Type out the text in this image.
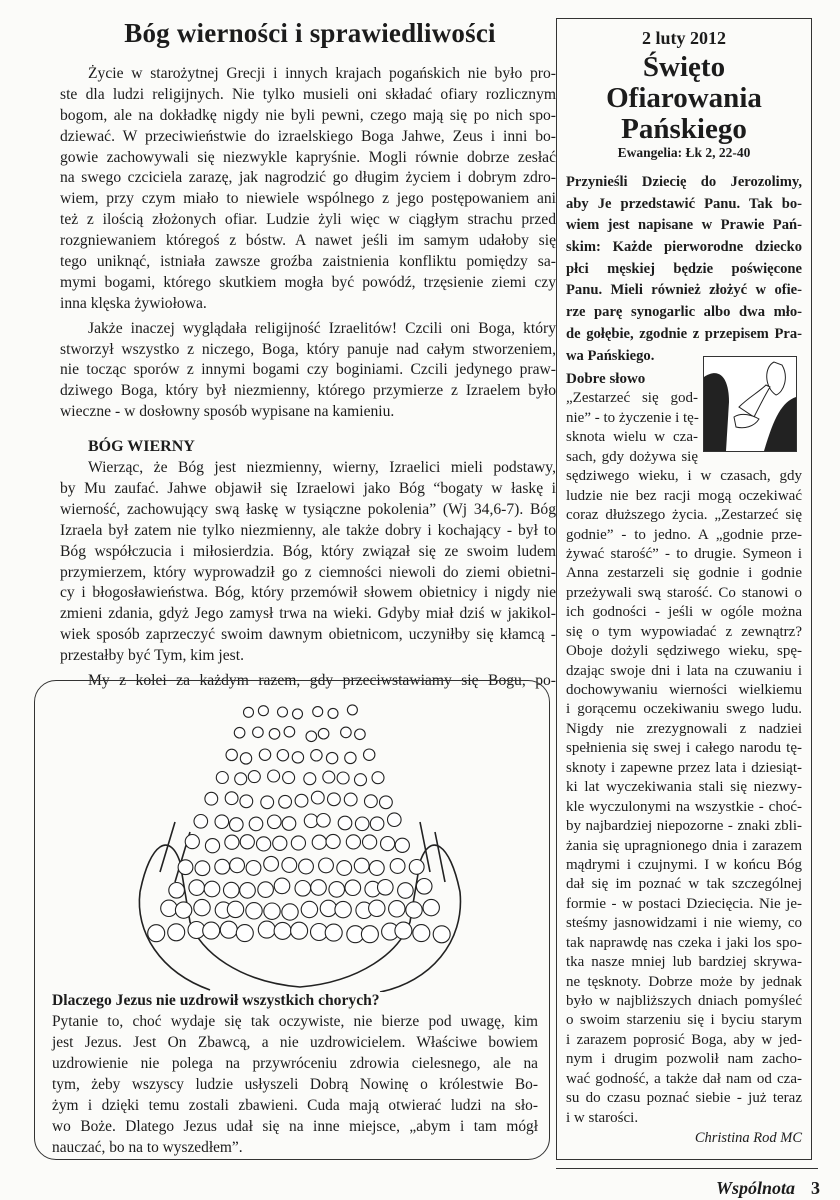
Bóg wierności i sprawiedliwości
Życie w starożytnej Grecji i innych krajach pogańskich nie było pro-
ste dla ludzi religijnych. Nie tylko musieli oni składać ofiary rozlicznym
bogom, ale na dokładkę nigdy nie byli pewni, czego mają się po nich spo-
dziewać. W przeciwieństwie do izraelskiego Boga Jahwe, Zeus i inni bo-
gowie zachowywali się niezwykle kapryśnie. Mogli równie dobrze zesłać
na swego czciciela zarazę, jak nagrodzić go długim życiem i dobrym zdro-
wiem, przy czym miało to niewiele wspólnego z jego postępowaniem ani
też z ilością złożonych ofiar. Ludzie żyli więc w ciągłym strachu przed
rozgniewaniem któregoś z bóstw. A nawet jeśli im samym udałoby się
tego uniknąć, istniała zawsze groźba zaistnienia konfliktu pomiędzy sa-
mymi bogami, którego skutkiem mogła być powódź, trzęsienie ziemi czy
inna klęska żywiołowa.
Jakże inaczej wyglądała religijność Izraelitów! Czcili oni Boga, który
stworzył wszystko z niczego, Boga, który panuje nad całym stworzeniem,
nie tocząc sporów z innymi bogami czy boginiami. Czcili jedynego praw-
dziwego Boga, który był niezmienny, którego przymierze z Izraelem było
wieczne - w dosłowny sposób wypisane na kamieniu.
BÓG WIERNY
Wierząc, że Bóg jest niezmienny, wierny, Izraelici mieli podstawy,
by Mu zaufać. Jahwe objawił się Izraelowi jako Bóg “bogaty w łaskę i
wierność, zachowujący swą łaskę w tysiączne pokolenia” (Wj 34,6-7). Bóg
Izraela był zatem nie tylko niezmienny, ale także dobry i kochający - był to
Bóg współczucia i miłosierdzia. Bóg, który związał się ze swoim ludem
przymierzem, który wyprowadził go z ciemności niewoli do ziemi obietni-
cy i błogosławieństwa. Bóg, który przemówił słowem obietnicy i nigdy nie
zmieni zdania, gdyż Jego zamysł trwa na wieki. Gdyby miał dziś w jakikol-
wiek sposób zaprzeczyć swoim dawnym obietnicom, uczyniłby się kłamcą -
przestałby być Tym, kim jest.
My z kolei za każdym razem, gdy przeciwstawiamy się Bogu, po-
Dlaczego Jezus nie uzdrowił wszystkich chorych?
Pytanie to, choć wydaje się tak oczywiste, nie bierze pod uwagę, kim
jest Jezus. Jest On Zbawcą, a nie uzdrowicielem. Właściwe bowiem
uzdrowienie nie polega na przywróceniu zdrowia cielesnego, ale na
tym, żeby wszyscy ludzie usłyszeli Dobrą Nowinę o królestwie Bo-
żym i dzięki temu zostali zbawieni. Cuda mają otwierać ludzi na sło-
wo Boże. Dlatego Jezus udał się na inne miejsce, „abym i tam mógł
nauczać, bo na to wyszedłem”.
2 luty 2012
Święto
Ofiarowania
Pańskiego
Ewangelia: Łk 2, 22-40
Przynieśli Dziecię do Jerozolimy,
aby Je przedstawić Panu. Tak bo-
wiem jest napisane w Prawie Pań-
skim: Każde pierworodne dziecko
płci męskiej będzie poświęcone
Panu. Mieli również złożyć w ofie-
rze parę synogarlic albo dwa mło-
de gołębie, zgodnie z przepisem Pra-
wa Pańskiego.
Dobre słowo
„Zestarzeć się god-
nie” - to życzenie i tę-
sknota wielu w cza-
sach, gdy dożywa się
sędziwego wieku, i w czasach, gdy
ludzie nie bez racji mogą oczekiwać
coraz dłuższego życia. „Zestarzeć się
godnie” - to jedno. A „godnie prze-
żywać starość” - to drugie. Symeon i
Anna zestarzeli się godnie i godnie
przeżywali swą starość. Co stanowi o
ich godności - jeśli w ogóle można
się o tym wypowiadać z zewnątrz?
Oboje dożyli sędziwego wieku, spę-
dzając swoje dni i lata na czuwaniu i
dochowywaniu wierności wielkiemu
i gorącemu oczekiwaniu swego ludu.
Nigdy nie zrezygnowali z nadziei
spełnienia się swej i całego narodu tę-
sknoty i zapewne przez lata i dziesiąt-
ki lat wyczekiwania stali się niezwy-
kle wyczulonymi na wszystkie - choć-
by najbardziej niepozorne - znaki zbli-
żania się upragnionego dnia i zarazem
mądrymi i czujnymi. I w końcu Bóg
dał się im poznać w tak szczególnej
formie - w postaci Dziecięcia. Nie je-
steśmy jasnowidzami i nie wiemy, co
tak naprawdę nas czeka i jaki los spo-
tka nasze mniej lub bardziej skrywa-
ne tęsknoty. Dobrze może by jednak
było w najbliższych dniach pomyśleć
o swoim starzeniu się i byciu starym
i zarazem poprosić Boga, aby w jed-
nym i drugim pozwolił nam zacho-
wać godność, a także dał nam od cza-
su do czasu poznać siebie - już teraz
i w starości.
Christina Rod MC
Wspólnota 3
